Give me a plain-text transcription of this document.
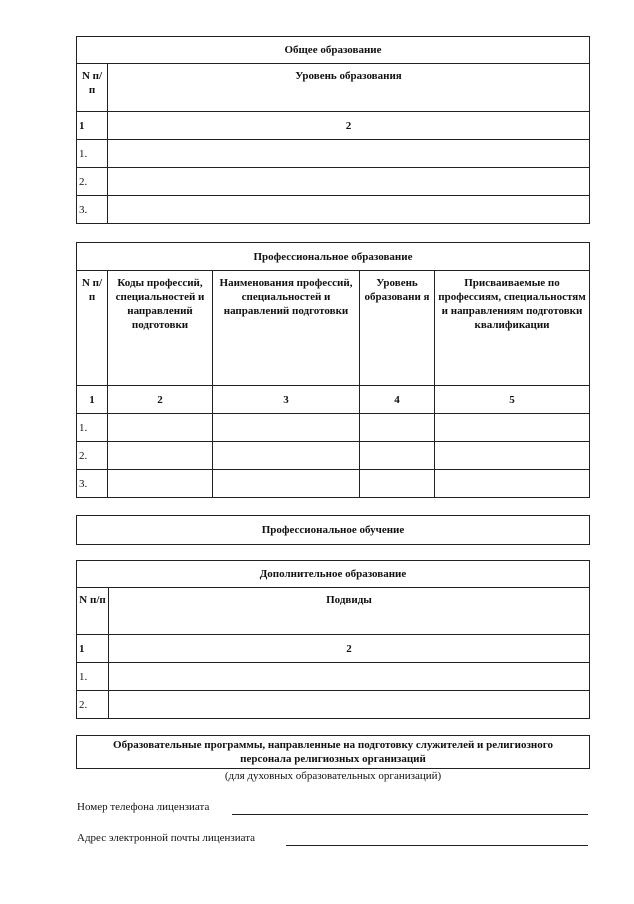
Общее образование	
N п/п	Уровень образования
1	2
1.	
2.	
3.	
Профессиональное образование				
N п/п	Коды профессий, специальностей и направлений подготовки	Наименования профессий, специальностей и направлений подготовки	Уровень образовани я	Присваиваемые по профессиям, специальностям и направлениям подготовки квалификации
1	2	3	4	5
1.				
2.				
3.				
Профессиональное обучение
Дополнительное образование	
N п/п	Подвиды
1	2
1.	
2.	
Образовательные программы, направленные на подготовку служителей и религиозного персонала религиозных организаций
(для духовных образовательных организаций)
Номер телефона лицензиата
Адрес электронной почты лицензиата
